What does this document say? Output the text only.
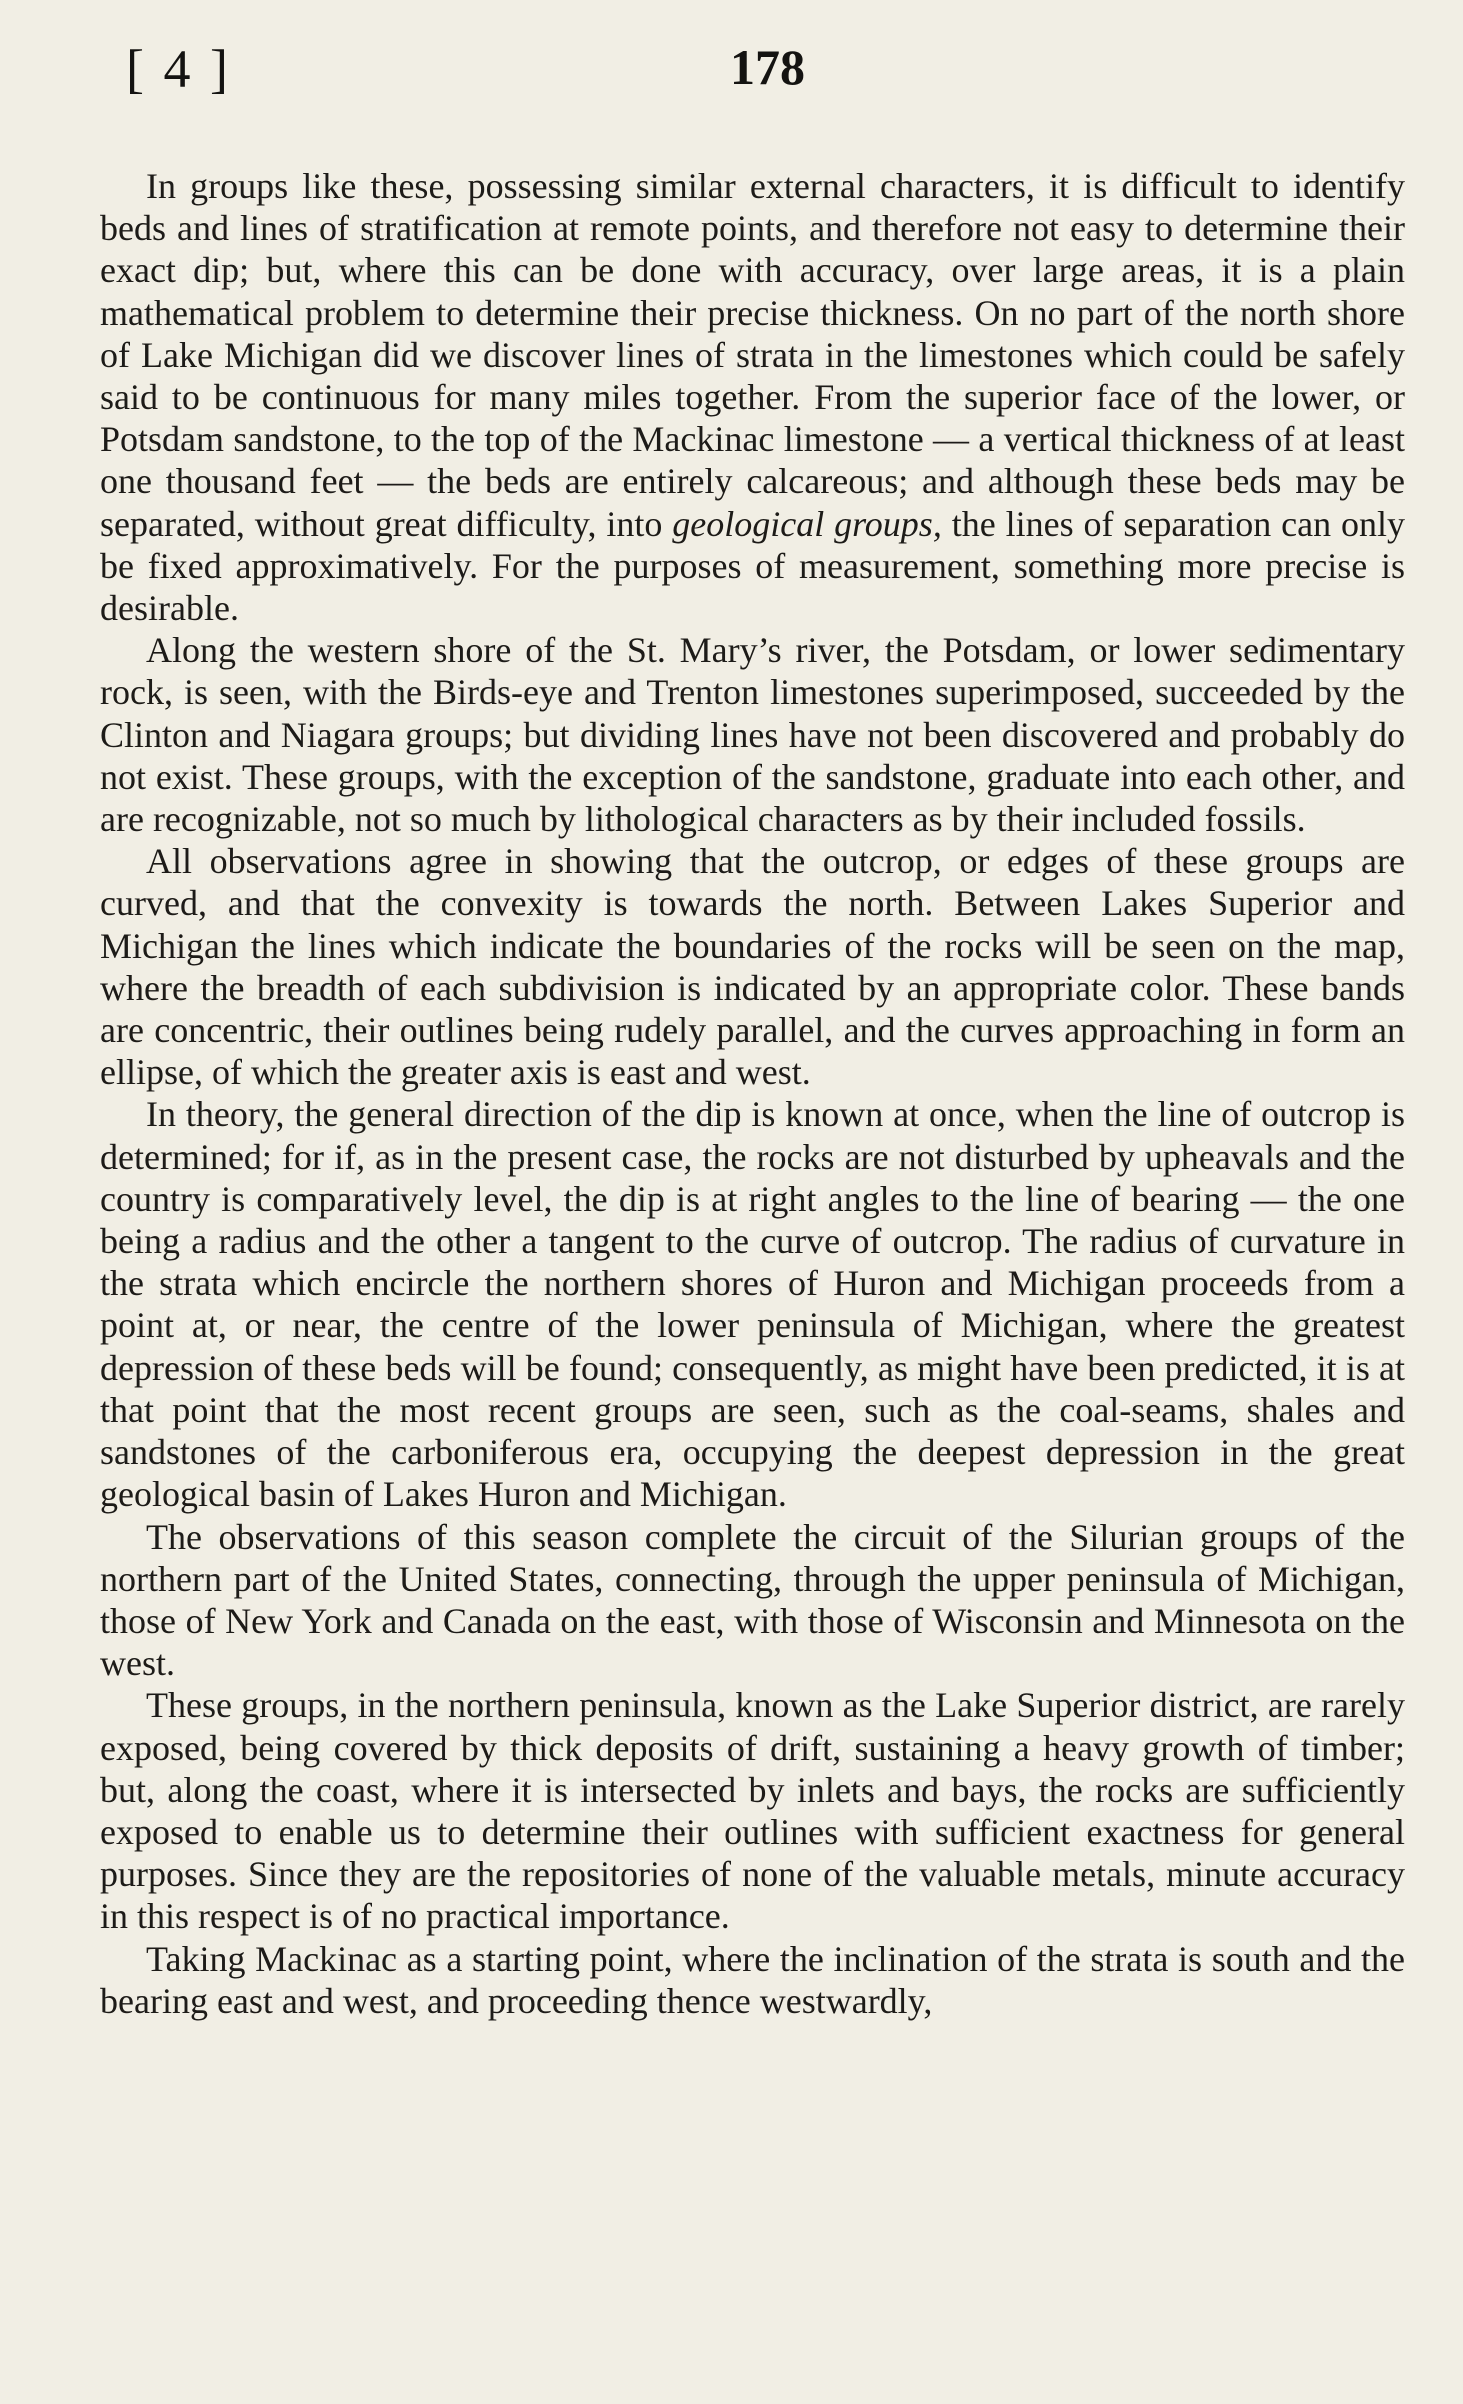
[ 4 ]	178

In groups like these, possessing similar external characters, it is difficult to identify beds and lines of stratification at remote points, and therefore not easy to determine their exact dip; but, where this can be done with accuracy, over large areas, it is a plain mathematical problem to determine their precise thickness. On no part of the north shore of Lake Michigan did we discover lines of strata in the limestones which could be safely said to be continuous for many miles together. From the superior face of the lower, or Potsdam sandstone, to the top of the Mackinac limestone — a vertical thickness of at least one thousand feet — the beds are entirely calcareous; and although these beds may be separated, without great difficulty, into geological groups, the lines of separation can only be fixed approximatively. For the purposes of measurement, something more precise is desirable.

Along the western shore of the St. Mary’s river, the Potsdam, or lower sedimentary rock, is seen, with the Birds-eye and Trenton limestones superimposed, succeeded by the Clinton and Niagara groups; but dividing lines have not been discovered and probably do not exist. These groups, with the exception of the sandstone, graduate into each other, and are recognizable, not so much by lithological characters as by their included fossils.

All observations agree in showing that the outcrop, or edges of these groups are curved, and that the convexity is towards the north. Between Lakes Superior and Michigan the lines which indicate the boundaries of the rocks will be seen on the map, where the breadth of each subdivision is indicated by an appropriate color. These bands are concentric, their outlines being rudely parallel, and the curves approaching in form an ellipse, of which the greater axis is east and west.

In theory, the general direction of the dip is known at once, when the line of outcrop is determined; for if, as in the present case, the rocks are not disturbed by upheavals and the country is comparatively level, the dip is at right angles to the line of bearing — the one being a radius and the other a tangent to the curve of outcrop. The radius of curvature in the strata which encircle the northern shores of Huron and Michigan proceeds from a point at, or near, the centre of the lower peninsula of Michigan, where the greatest depression of these beds will be found; consequently, as might have been predicted, it is at that point that the most recent groups are seen, such as the coal-seams, shales and sandstones of the carboniferous era, occupying the deepest depression in the great geological basin of Lakes Huron and Michigan.

The observations of this season complete the circuit of the Silurian groups of the northern part of the United States, connecting, through the upper peninsula of Michigan, those of New York and Canada on the east, with those of Wisconsin and Minnesota on the west.

These groups, in the northern peninsula, known as the Lake Superior district, are rarely exposed, being covered by thick deposits of drift, sustaining a heavy growth of timber; but, along the coast, where it is intersected by inlets and bays, the rocks are sufficiently exposed to enable us to determine their outlines with sufficient exactness for general purposes. Since they are the repositories of none of the valuable metals, minute accuracy in this respect is of no practical importance.

Taking Mackinac as a starting point, where the inclination of the strata is south and the bearing east and west, and proceeding thence westwardly,
